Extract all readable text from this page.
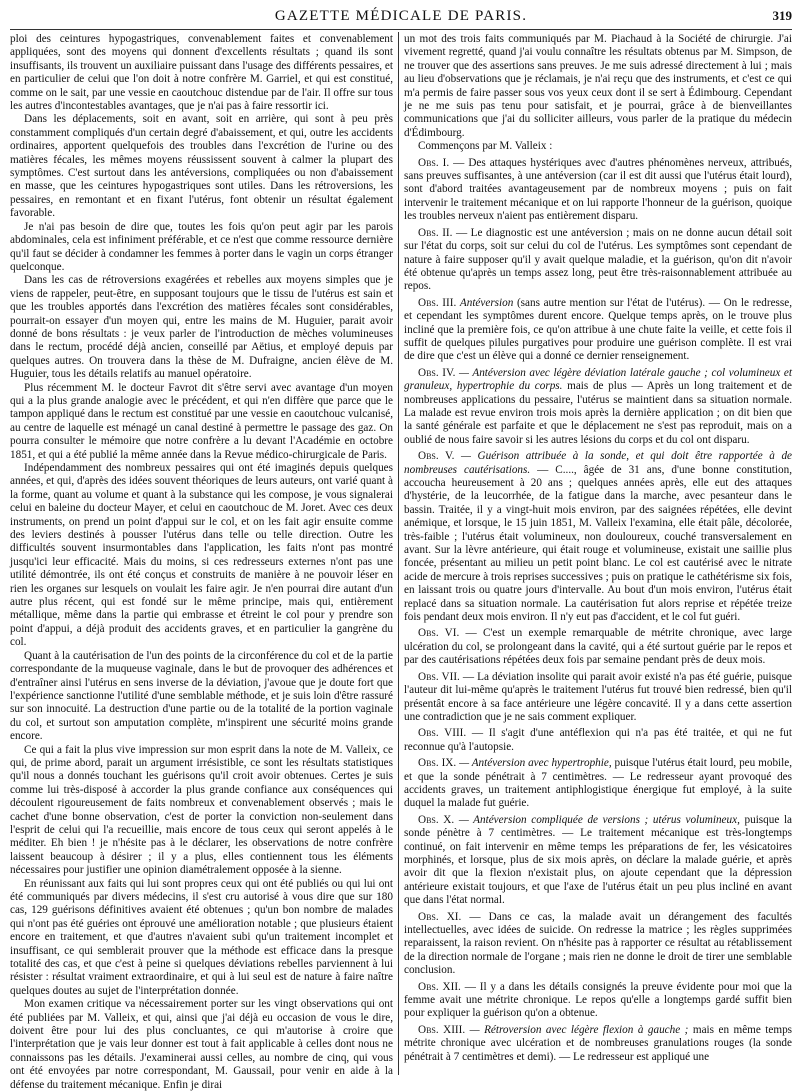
GAZETTE MÉDICALE DE PARIS.	319

ploi des ceintures hypogastriques, convenablement faites et convenablement appliquées, sont des moyens qui donnent d'excellents résultats ; quand ils sont insuffisants, ils trouvent un auxiliaire puissant dans l'usage des différents pessaires, et en particulier de celui que l'on doit à notre confrère M. Garriel, et qui est constitué, comme on le sait, par une vessie en caoutchouc distendue par de l'air. Il offre sur tous les autres d'incontestables avantages, que je n'ai pas à faire ressortir ici.

Dans les déplacements, soit en avant, soit en arrière, qui sont à peu près constamment compliqués d'un certain degré d'abaissement, et qui, outre les accidents ordinaires, apportent quelquefois des troubles dans l'excrétion de l'urine ou des matières fécales, les mêmes moyens réussissent souvent à calmer la plupart des symptômes. C'est surtout dans les antéversions, compliquées ou non d'abaissement en masse, que les ceintures hypogastriques sont utiles. Dans les rétroversions, les pessaires, en remontant et en fixant l'utérus, font obtenir un résultat également favorable.

Je n'ai pas besoin de dire que, toutes les fois qu'on peut agir par les parois abdominales, cela est infiniment préférable, et ce n'est que comme ressource dernière qu'il faut se décider à condamner les femmes à porter dans le vagin un corps étranger quelconque.

Dans les cas de rétroversions exagérées et rebelles aux moyens simples que je viens de rappeler, peut-être, en supposant toujours que le tissu de l'utérus est sain et que les troubles apportés dans l'excrétion des matières fécales sont considérables, pourrait-on essayer d'un moyen qui, entre les mains de M. Huguier, parait avoir donné de bons résultats : je veux parler de l'introduction de mèches volumineuses dans le rectum, procédé déjà ancien, conseillé par Aëtius, et employé depuis par quelques autres. On trouvera dans la thèse de M. Dufraigne, ancien élève de M. Huguier, tous les détails relatifs au manuel opératoire.

Plus récemment M. le docteur Favrot dit s'être servi avec avantage d'un moyen qui a la plus grande analogie avec le précédent, et qui n'en diffère que parce que le tampon appliqué dans le rectum est constitué par une vessie en caoutchouc vulcanisé, au centre de laquelle est ménagé un canal destiné à permettre le passage des gaz. On pourra consulter le mémoire que notre confrère a lu devant l'Académie en octobre 1851, et qui a été publié la même année dans la Revue médico-chirurgicale de Paris.

Indépendamment des nombreux pessaires qui ont été imaginés depuis quelques années, et qui, d'après des idées souvent théoriques de leurs auteurs, ont varié quant à la forme, quant au volume et quant à la substance qui les compose, je vous signalerai celui en baleine du docteur Mayer, et celui en caoutchouc de M. Joret. Avec ces deux instruments, on prend un point d'appui sur le col, et on les fait agir ensuite comme des leviers destinés à pousser l'utérus dans telle ou telle direction. Outre les difficultés souvent insurmontables dans l'application, les faits n'ont pas montré jusqu'ici leur efficacité. Mais du moins, si ces redresseurs externes n'ont pas une utilité démontrée, ils ont été conçus et construits de manière à ne pouvoir léser en rien les organes sur lesquels on voulait les faire agir. Je n'en pourrai dire autant d'un autre plus récent, qui est fondé sur le même principe, mais qui, entièrement métallique, même dans la partie qui embrasse et étreint le col pour y prendre son point d'appui, a déjà produit des accidents graves, et en particulier la gangrène du col.

Quant à la cautérisation de l'un des points de la circonférence du col et de la partie correspondante de la muqueuse vaginale, dans le but de provoquer des adhérences et d'entraîner ainsi l'utérus en sens inverse de la déviation, j'avoue que je doute fort que l'expérience sanctionne l'utilité d'une semblable méthode, et je suis loin d'être rassuré sur son innocuité. La destruction d'une partie ou de la totalité de la portion vaginale du col, et surtout son amputation complète, m'inspirent une sécurité moins grande encore.

Ce qui a fait la plus vive impression sur mon esprit dans la note de M. Valleix, ce qui, de prime abord, parait un argument irrésistible, ce sont les résultats statistiques qu'il nous a donnés touchant les guérisons qu'il croit avoir obtenues. Certes je suis comme lui très-disposé à accorder la plus grande confiance aux conséquences qui découlent rigoureusement de faits nombreux et convenablement observés ; mais le cachet d'une bonne observation, c'est de porter la conviction non-seulement dans l'esprit de celui qui l'a recueillie, mais encore de tous ceux qui seront appelés à le méditer. Eh bien ! je n'hésite pas à le déclarer, les observations de notre confrère laissent beaucoup à désirer ; il y a plus, elles contiennent tous les éléments nécessaires pour justifier une opinion diamétralement opposée à la sienne.

En réunissant aux faits qui lui sont propres ceux qui ont été publiés ou qui lui ont été communiqués par divers médecins, il s'est cru autorisé à vous dire que sur 180 cas, 129 guérisons définitives avaient été obtenues ; qu'un bon nombre de malades qui n'ont pas été guéries ont éprouvé une amélioration notable ; que plusieurs étaient encore en traitement, et que d'autres n'avaient subi qu'un traitement incomplet et insuffisant, ce qui semblerait prouver que la méthode est efficace dans la presque totalité des cas, et que c'est à peine si quelques déviations rebelles parviennent à lui résister : résultat vraiment extraordinaire, et qui à lui seul est de nature à faire naître quelques doutes au sujet de l'interprétation donnée.

Mon examen critique va nécessairement porter sur les vingt observations qui ont été publiées par M. Valleix, et qui, ainsi que j'ai déjà eu occasion de vous le dire, doivent être pour lui des plus concluantes, ce qui m'autorise à croire que l'interprétation que je vais leur donner est tout à fait applicable à celles dont nous ne connaissons pas les détails. J'examinerai aussi celles, au nombre de cinq, qui vous ont été envoyées par notre correspondant, M. Gaussail, pour venir en aide à la défense du traitement mécanique. Enfin je dirai

un mot des trois faits communiqués par M. Piachaud à la Société de chirurgie. J'ai vivement regretté, quand j'ai voulu connaître les résultats obtenus par M. Simpson, de ne trouver que des assertions sans preuves. Je me suis adressé directement à lui ; mais au lieu d'observations que je réclamais, je n'ai reçu que des instruments, et c'est ce qui m'a permis de faire passer sous vos yeux ceux dont il se sert à Édimbourg. Cependant je ne me suis pas tenu pour satisfait, et je pourrai, grâce à de bienveillantes communications que j'ai du solliciter ailleurs, vous parler de la pratique du médecin d'Édimbourg.

Commençons par M. Valleix :

Obs. I. — Des attaques hystériques avec d'autres phénomènes nerveux, attribués, sans preuves suffisantes, à une antéversion (car il est dit aussi que l'utérus était lourd), sont d'abord traitées avantageusement par de nombreux moyens ; puis on fait intervenir le traitement mécanique et on lui rapporte l'honneur de la guérison, quoique les troubles nerveux n'aient pas entièrement disparu.

Obs. II. — Le diagnostic est une antéversion ; mais on ne donne aucun détail soit sur l'état du corps, soit sur celui du col de l'utérus. Les symptômes sont cependant de nature à faire supposer qu'il y avait quelque maladie, et la guérison, qu'on dit n'avoir été obtenue qu'après un temps assez long, peut être très-raisonnablement attribuée au repos.

Obs. III. Antéversion (sans autre mention sur l'état de l'utérus). — On le redresse, et cependant les symptômes durent encore. Quelque temps après, on le trouve plus incliné que la première fois, ce qu'on attribue à une chute faite la veille, et cette fois il suffit de quelques pilules purgatives pour produire une guérison complète. Il est vrai de dire que c'est un élève qui a donné ce dernier renseignement.

Obs. IV. — Antéversion avec légère déviation latérale gauche ; col volumineux et granuleux, hypertrophie du corps. mais de plus — Après un long traitement et de nombreuses applications du pessaire, l'utérus se maintient dans sa situation normale. La malade est revue environ trois mois après la dernière application ; on dit bien que la santé générale est parfaite et que le déplacement ne s'est pas reproduit, mais on a oublié de nous faire savoir si les autres lésions du corps et du col ont disparu.

Obs. V. — Guérison attribuée à la sonde, et qui doit être rapportée à de nombreuses cautérisations. — C...., âgée de 31 ans, d'une bonne constitution, accoucha heureusement à 20 ans ; quelques années après, elle eut des attaques d'hystérie, de la leucorrhée, de la fatigue dans la marche, avec pesanteur dans le bassin. Traitée, il y a vingt-huit mois environ, par des saignées répétées, elle devint anémique, et lorsque, le 15 juin 1851, M. Valleix l'examina, elle était pâle, décolorée, très-faible ; l'utérus était volumineux, non douloureux, couché transversalement en avant. Sur la lèvre antérieure, qui était rouge et volumineuse, existait une saillie plus foncée, présentant au milieu un petit point blanc. Le col est cautérisé avec le nitrate acide de mercure à trois reprises successives ; puis on pratique le cathétérisme six fois, en laissant trois ou quatre jours d'intervalle. Au bout d'un mois environ, l'utérus était replacé dans sa situation normale. La cautérisation fut alors reprise et répétée treize fois pendant deux mois environ. Il n'y eut pas d'accident, et le col fut guéri.

Obs. VI. — C'est un exemple remarquable de métrite chronique, avec large ulcération du col, se prolongeant dans la cavité, qui a été surtout guérie par le repos et par des cautérisations répétées deux fois par semaine pendant près de deux mois.

Obs. VII. — La déviation insolite qui parait avoir existé n'a pas été guérie, puisque l'auteur dit lui-même qu'après le traitement l'utérus fut trouvé bien redressé, bien qu'il présentât encore à sa face antérieure une légère concavité. Il y a dans cette assertion une contradiction que je ne sais comment expliquer.

Obs. VIII. — Il s'agit d'une antéflexion qui n'a pas été traitée, et qui ne fut reconnue qu'à l'autopsie.

Obs. IX. — Antéversion avec hypertrophie, puisque l'utérus était lourd, peu mobile, et que la sonde pénétrait à 7 centimètres. — Le redresseur ayant provoqué des accidents graves, un traitement antiphlogistique énergique fut employé, à la suite duquel la malade fut guérie.

Obs. X. — Antéversion compliquée de versions ; utérus volumineux, puisque la sonde pénètre à 7 centimètres. — Le traitement mécanique est très-longtemps continué, on fait intervenir en même temps les préparations de fer, les vésicatoires morphinés, et lorsque, plus de six mois après, on déclare la malade guérie, et après avoir dit que la flexion n'existait plus, on ajoute cependant que la dépression antérieure existait toujours, et que l'axe de l'utérus était un peu plus incliné en avant que dans l'état normal.

Obs. XI. — Dans ce cas, la malade avait un dérangement des facultés intellectuelles, avec idées de suicide. On redresse la matrice ; les règles supprimées reparaissent, la raison revient. On n'hésite pas à rapporter ce résultat au rétablissement de la direction normale de l'organe ; mais rien ne donne le droit de tirer une semblable conclusion.

Obs. XII. — Il y a dans les détails consignés la preuve évidente pour moi que la femme avait une métrite chronique. Le repos qu'elle a longtemps gardé suffit bien pour expliquer la guérison qu'on a obtenue.

Obs. XIII. — Rétroversion avec légère flexion à gauche ; mais en même temps métrite chronique avec ulcération et de nombreuses granulations rouges (la sonde pénétrait à 7 centimètres et demi). — Le redresseur est appliqué une
